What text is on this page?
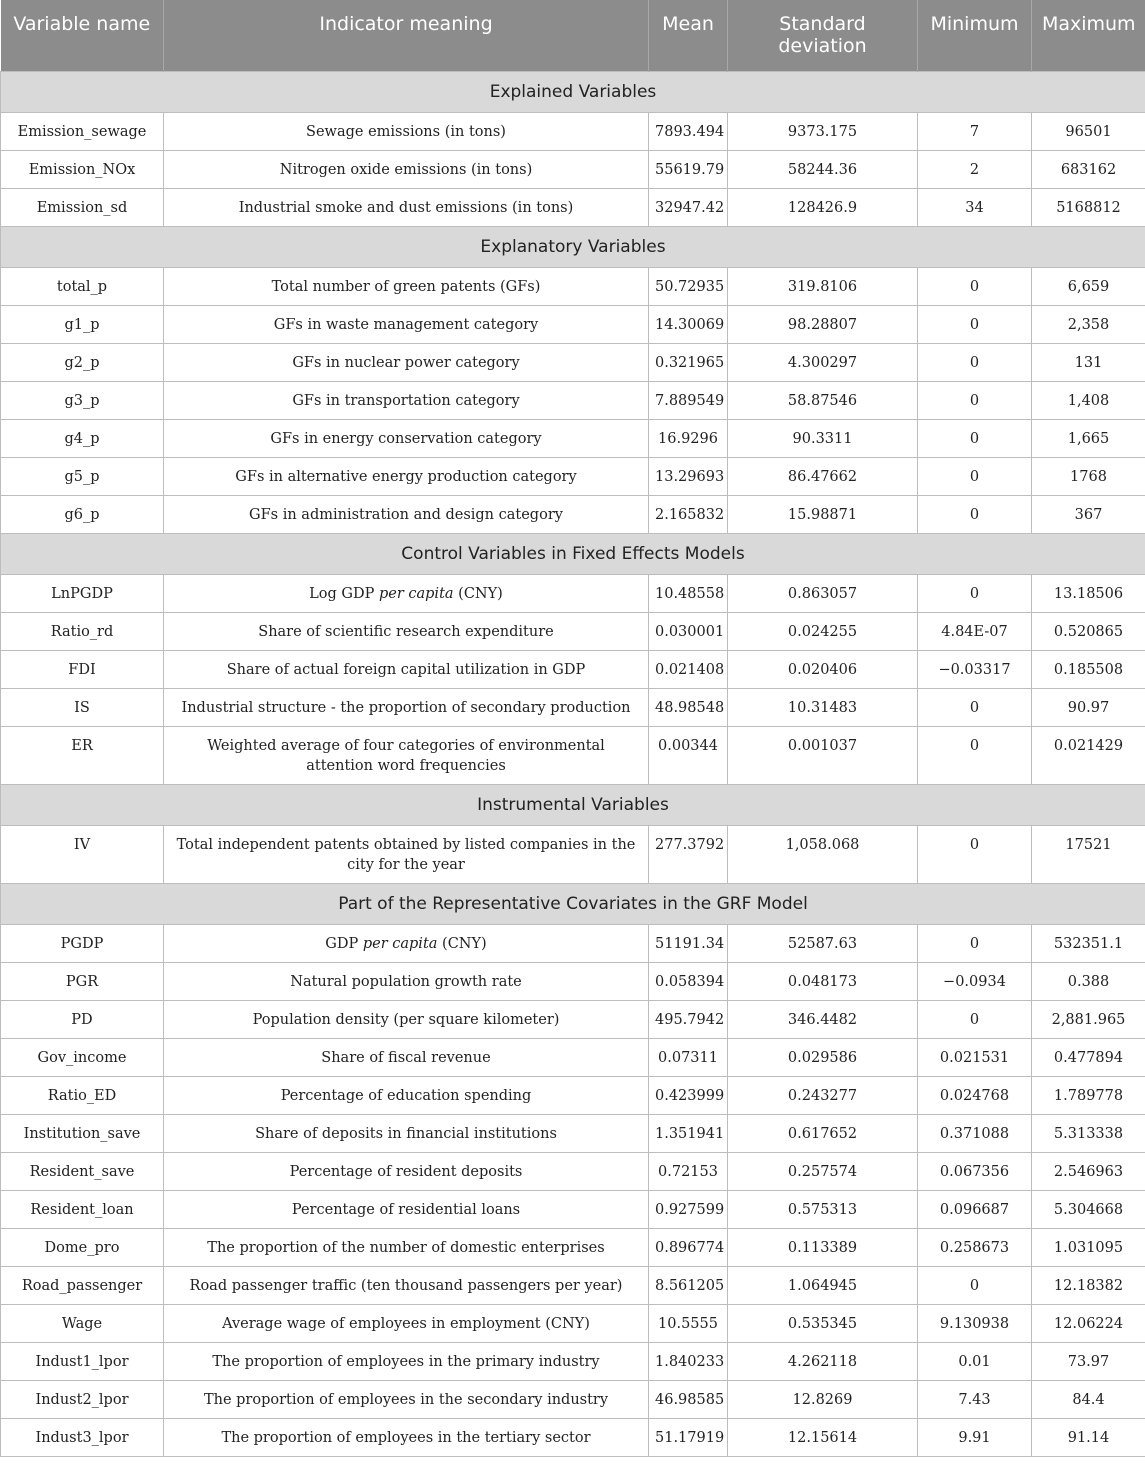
Variable name	Indicator meaning	Mean	Standard deviation	Minimum	Maximum
Explained Variables					
Emission_sewage	Sewage emissions (in tons)	7893.494	9373.175	7	96501
Emission_NOx	Nitrogen oxide emissions (in tons)	55619.79	58244.36	2	683162
Emission_sd	Industrial smoke and dust emissions (in tons)	32947.42	128426.9	34	5168812
Explanatory Variables					
total_p	Total number of green patents (GFs)	50.72935	319.8106	0	6,659
g1_p	GFs in waste management category	14.30069	98.28807	0	2,358
g2_p	GFs in nuclear power category	0.321965	4.300297	0	131
g3_p	GFs in transportation category	7.889549	58.87546	0	1,408
g4_p	GFs in energy conservation category	16.9296	90.3311	0	1,665
g5_p	GFs in alternative energy production category	13.29693	86.47662	0	1768
g6_p	GFs in administration and design category	2.165832	15.98871	0	367
Control Variables in Fixed Effects Models					
LnPGDP	Log GDP per capita (CNY)	10.48558	0.863057	0	13.18506
Ratio_rd	Share of scientific research expenditure	0.030001	0.024255	4.84E-07	0.520865
FDI	Share of actual foreign capital utilization in GDP	0.021408	0.020406	−0.03317	0.185508
IS	Industrial structure - the proportion of secondary production	48.98548	10.31483	0	90.97
ER	Weighted average of four categories of environmental attention word frequencies	0.00344	0.001037	0	0.021429
Instrumental Variables					
IV	Total independent patents obtained by listed companies in the city for the year	277.3792	1,058.068	0	17521
Part of the Representative Covariates in the GRF Model					
PGDP	GDP per capita (CNY)	51191.34	52587.63	0	532351.1
PGR	Natural population growth rate	0.058394	0.048173	−0.0934	0.388
PD	Population density (per square kilometer)	495.7942	346.4482	0	2,881.965
Gov_income	Share of fiscal revenue	0.07311	0.029586	0.021531	0.477894
Ratio_ED	Percentage of education spending	0.423999	0.243277	0.024768	1.789778
Institution_save	Share of deposits in financial institutions	1.351941	0.617652	0.371088	5.313338
Resident_save	Percentage of resident deposits	0.72153	0.257574	0.067356	2.546963
Resident_loan	Percentage of residential loans	0.927599	0.575313	0.096687	5.304668
Dome_pro	The proportion of the number of domestic enterprises	0.896774	0.113389	0.258673	1.031095
Road_passenger	Road passenger traffic (ten thousand passengers per year)	8.561205	1.064945	0	12.18382
Wage	Average wage of employees in employment (CNY)	10.5555	0.535345	9.130938	12.06224
Indust1_lpor	The proportion of employees in the primary industry	1.840233	4.262118	0.01	73.97
Indust2_lpor	The proportion of employees in the secondary industry	46.98585	12.8269	7.43	84.4
Indust3_lpor	The proportion of employees in the tertiary sector	51.17919	12.15614	9.91	91.14
